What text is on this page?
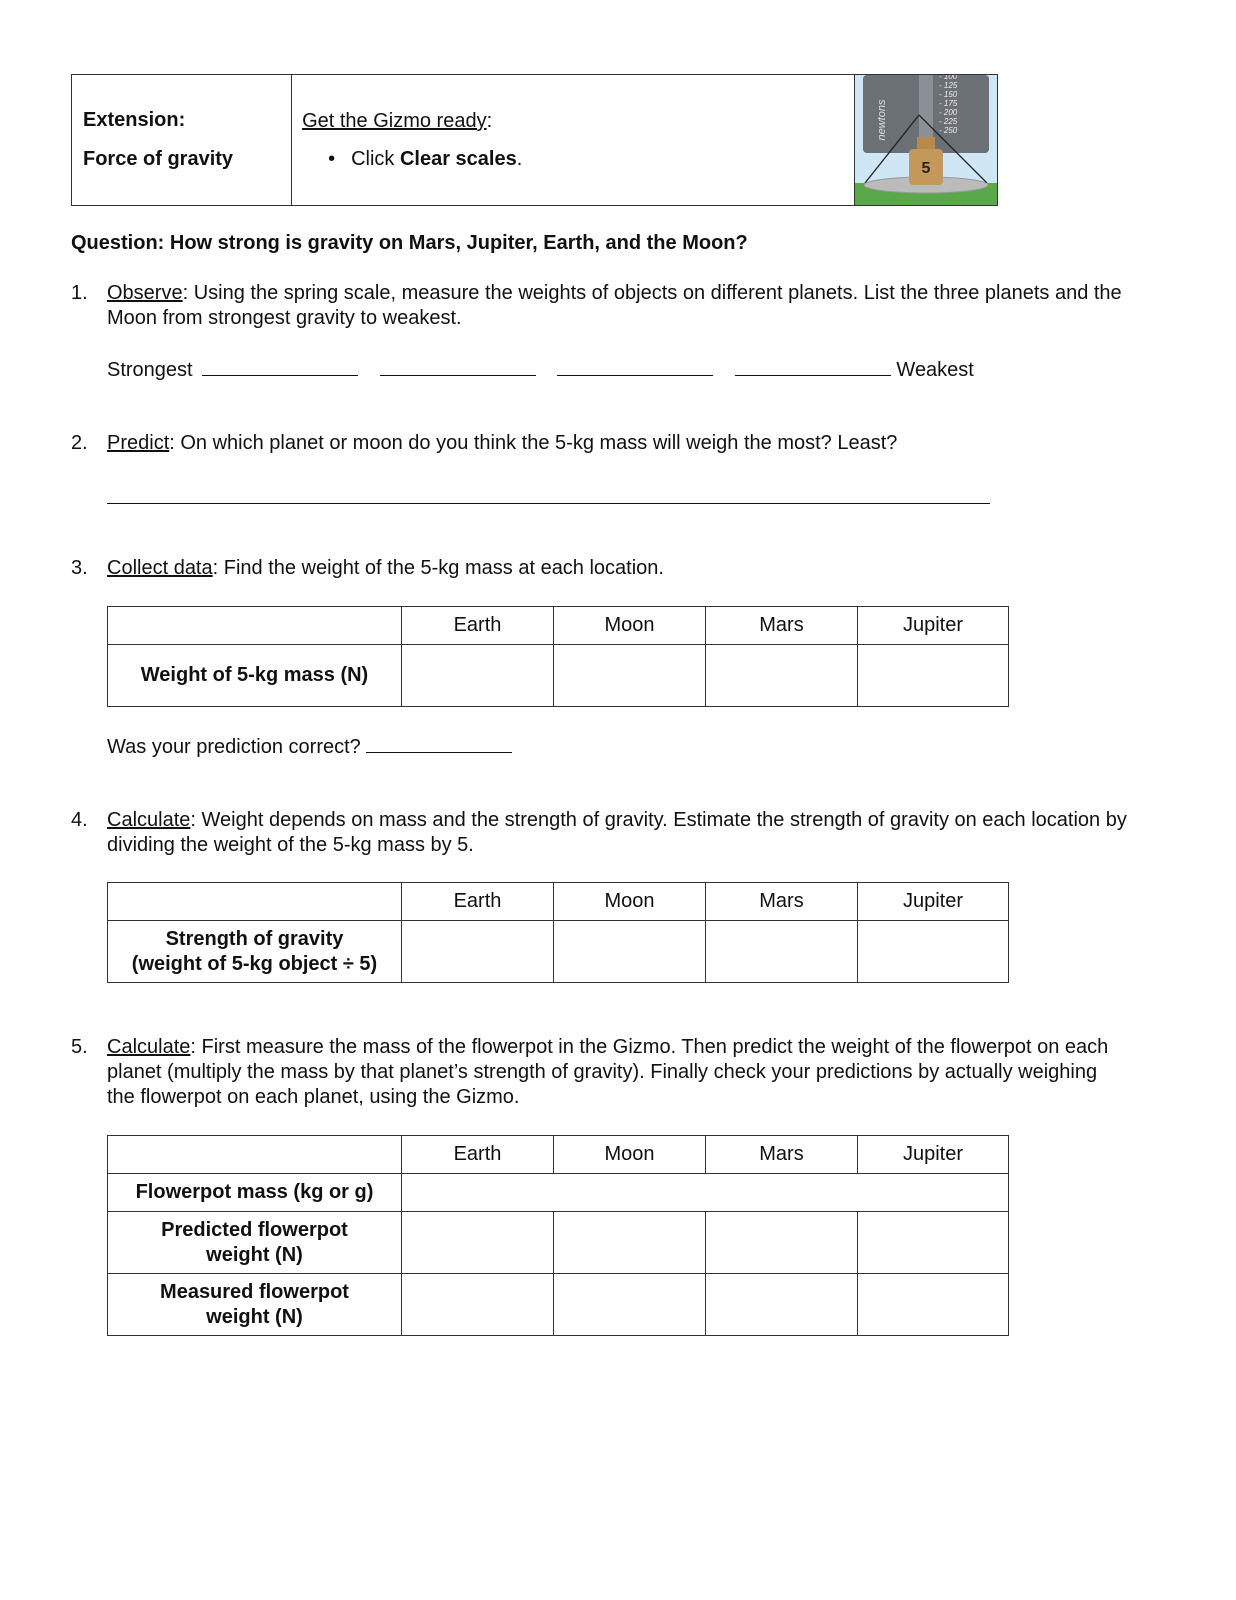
Extension:
Force of gravity

Get the Gizmo ready:
• Click Clear scales.

newtons
- 100
- 125
- 150
- 175
- 200
- 225
- 250
5
Question: How strong is gravity on Mars, Jupiter, Earth, and the Moon?
1. Observe: Using the spring scale, measure the weights of objects on different planets. List the three planets and the Moon from strongest gravity to weakest.
Strongest	Weakest
2. Predict: On which planet or moon do you think the 5-kg mass will weigh the most? Least?
3. Collect data: Find the weight of the 5-kg mass at each location.
	Earth	Moon	Mars	Jupiter
Weight of 5-kg mass (N)				
Was your prediction correct?
4. Calculate: Weight depends on mass and the strength of gravity. Estimate the strength of gravity on each location by dividing the weight of the 5-kg mass by 5.
	Earth	Moon	Mars	Jupiter

Strength of gravity
(weight of 5-kg object ÷ 5)				

5. Calculate: First measure the mass of the flowerpot in the Gizmo. Then predict the weight of the flowerpot on each planet (multiply the mass by that planet’s strength of gravity). Finally check your predictions by actually weighing the flowerpot on each planet, using the Gizmo.
	Earth	Moon	Mars	Jupiter
Flowerpot mass (kg or g)				

Predicted flowerpot
weight (N)				

Measured flowerpot
weight (N)				
